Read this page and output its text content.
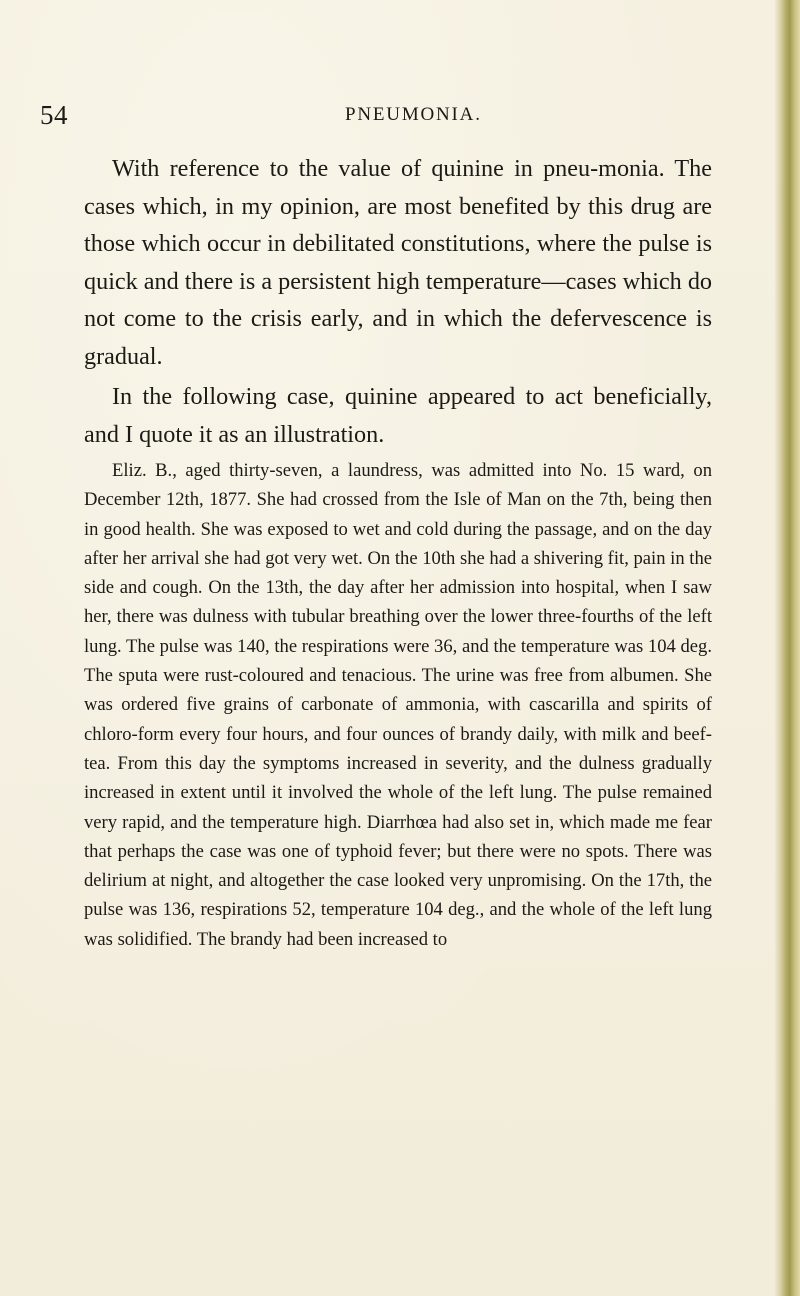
54	PNEUMONIA.

With reference to the value of quinine in pneu-monia. The cases which, in my opinion, are most benefited by this drug are those which occur in debilitated constitutions, where the pulse is quick and there is a persistent high temperature—cases which do not come to the crisis early, and in which the defervescence is gradual.

In the following case, quinine appeared to act beneficially, and I quote it as an illustration.

Eliz. B., aged thirty-seven, a laundress, was admitted into No. 15 ward, on December 12th, 1877. She had crossed from the Isle of Man on the 7th, being then in good health. She was exposed to wet and cold during the passage, and on the day after her arrival she had got very wet. On the 10th she had a shivering fit, pain in the side and cough. On the 13th, the day after her admission into hospital, when I saw her, there was dulness with tubular breathing over the lower three-fourths of the left lung. The pulse was 140, the respirations were 36, and the temperature was 104 deg. The sputa were rust-coloured and tenacious. The urine was free from albumen. She was ordered five grains of carbonate of ammonia, with cascarilla and spirits of chloro-form every four hours, and four ounces of brandy daily, with milk and beef-tea. From this day the symptoms increased in severity, and the dulness gradually increased in extent until it involved the whole of the left lung. The pulse remained very rapid, and the temperature high. Diarrhœa had also set in, which made me fear that perhaps the case was one of typhoid fever; but there were no spots. There was delirium at night, and altogether the case looked very unpromising. On the 17th, the pulse was 136, respirations 52, temperature 104 deg., and the whole of the left lung was solidified. The brandy had been increased to
